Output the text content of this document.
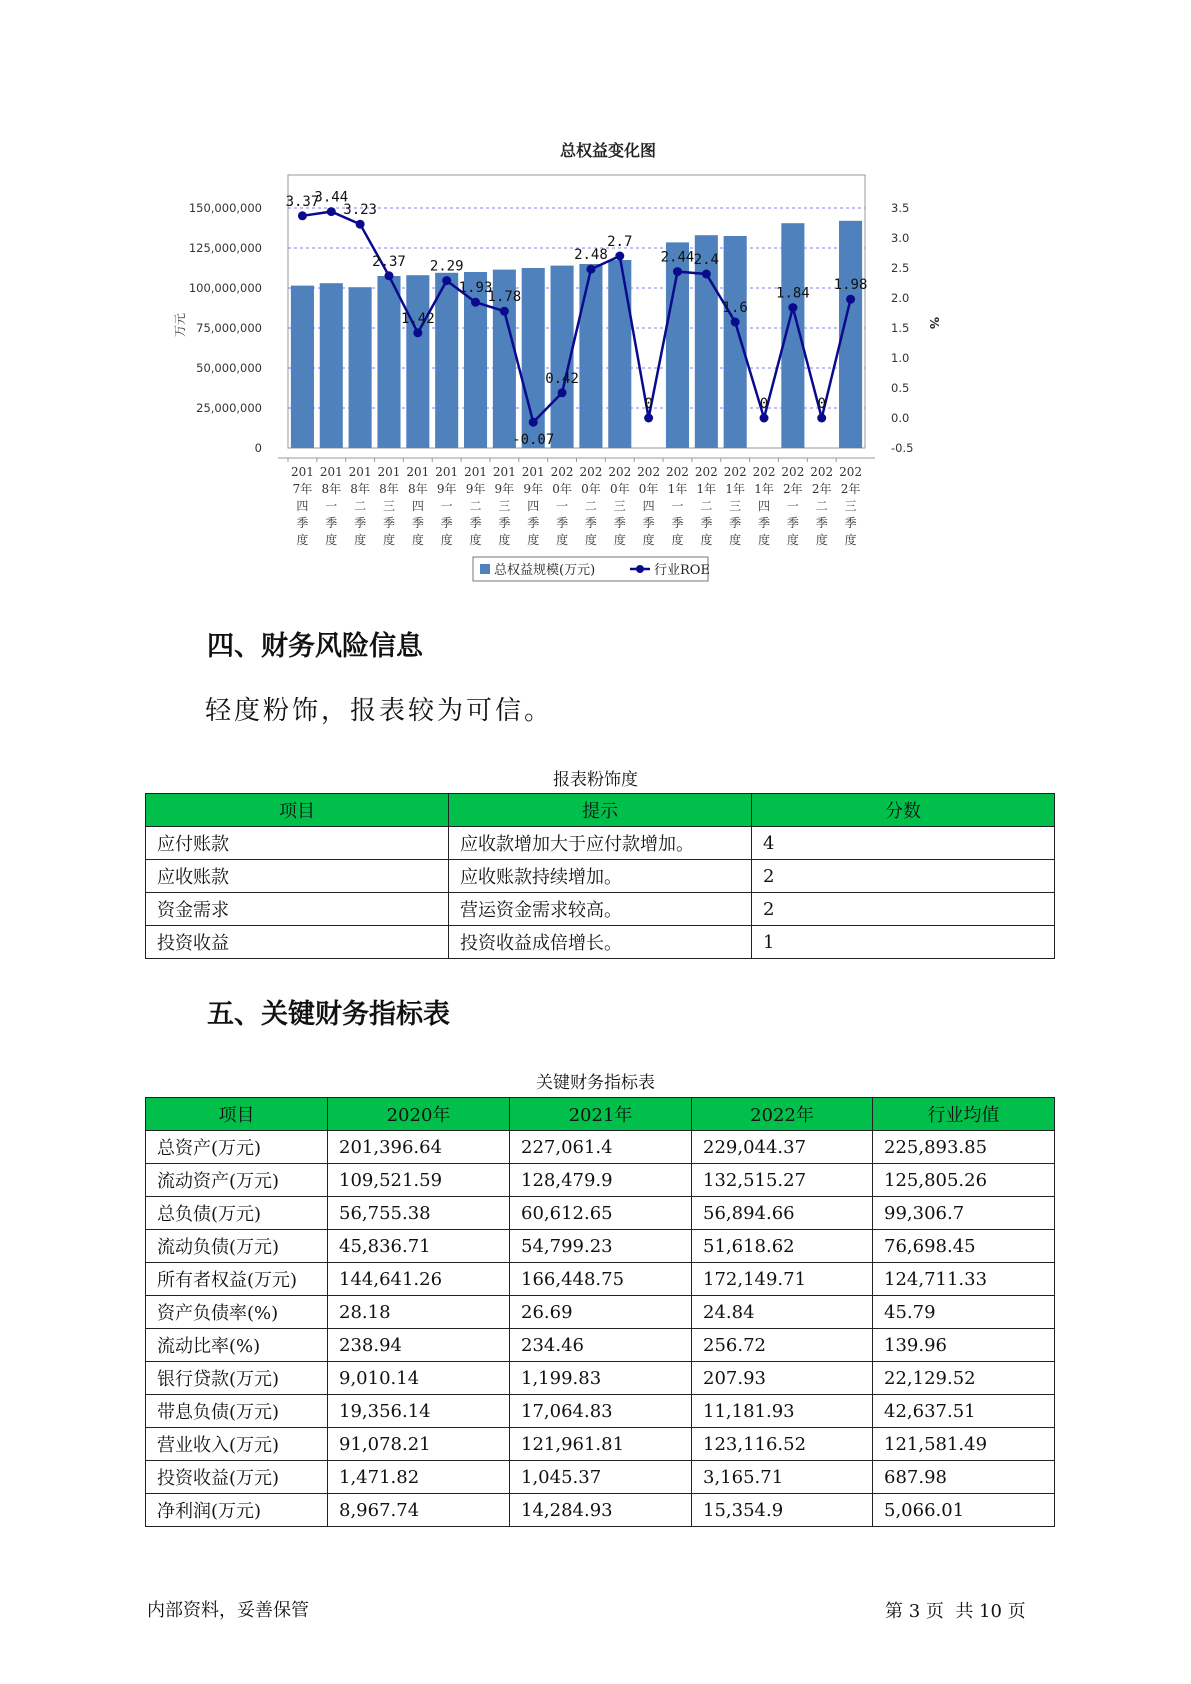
总权益变化图
150,000,000
125,000,000
100,000,000
75,000,000
50,000,000
25,000,000
0
3.5
3.0
2.5
2.0
1.5
1.0
0.5
0.0
-0.5
万元	%
201
7年
四
季
度
201
8年
一
季
度
201
8年
二
季
度
201
8年
三
季
度
201
8年
四
季
度
201
9年
一
季
度
201
9年
二
季
度
201
9年
三
季
度
201
9年
四
季
度
202
0年
一
季
度
202
0年
二
季
度
202
0年
三
季
度
202
0年
四
季
度
202
1年
一
季
度
202
1年
二
季
度
202
1年
三
季
度
202
1年
四
季
度
202
2年
一
季
度
202
2年
二
季
度
202
2年
三
季
度
3.37
3.44
3.23
2.37
1.42
2.29
1.93
1.78
-0.07
0.42
2.48
2.7
0
2.44 2.4
1.6
0
1.84
0
1.98
总权益规模(万元)	行业ROE
四、财务风险信息

轻度粉饰，报表较为可信。

报表粉饰度
项目	提示	分数
应付账款	应收款增加大于应付款增加。	4
应收账款	应收账款持续增加。	2
资金需求	营运资金需求较高。	2
投资收益	投资收益成倍增长。	1
五、关键财务指标表
关键财务指标表
项目	2020年	2021年	2022年	行业均值
总资产(万元)	201,396.64	227,061.4	229,044.37	225,893.85
流动资产(万元)	109,521.59	128,479.9	132,515.27	125,805.26
总负债(万元)	56,755.38	60,612.65	56,894.66	99,306.7
流动负债(万元)	45,836.71	54,799.23	51,618.62	76,698.45
所有者权益(万元)	144,641.26	166,448.75	172,149.71	124,711.33
资产负债率(%)	28.18	26.69	24.84	45.79
流动比率(%)	238.94	234.46	256.72	139.96
银行贷款(万元)	9,010.14	1,199.83	207.93	22,129.52
带息负债(万元)	19,356.14	17,064.83	11,181.93	42,637.51
营业收入(万元)	91,078.21	121,961.81	123,116.52	121,581.49
投资收益(万元)	1,471.82	1,045.37	3,165.71	687.98
净利润(万元)	8,967.74	14,284.93	15,354.9	5,066.01
内部资料，妥善保管	第 3 页  共 10 页
